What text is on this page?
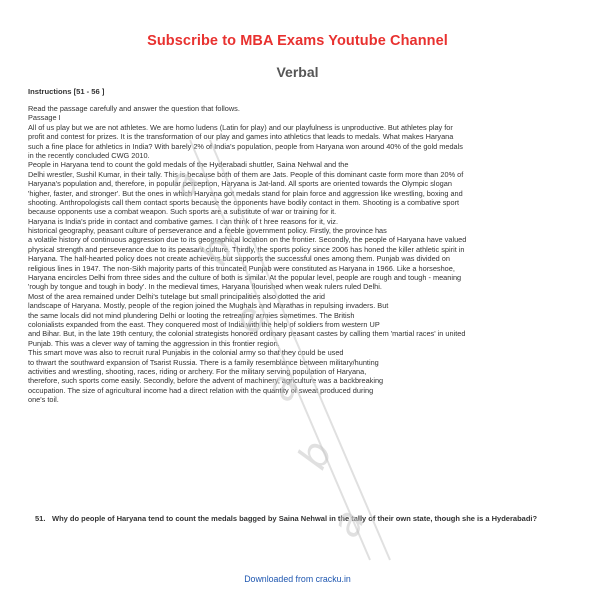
Subscribe to MBA Exams Youtube Channel
Verbal
Instructions [51 - 56 ]
Read the passage carefully and answer the question that follows.
Passage I
All of us play but we are not athletes. We are homo ludens (Latin for play) and our playfulness is unproductive. But athletes play for
profit and contest for prizes. It is the transformation of our play and games into athletics that leads to medals. What makes Haryana
such a fine place for athletics in India? With barely 2% of India's population, people from Haryana won around 40% of the gold medals
in the recently concluded CWG 2010.
People in Haryana tend to count the gold medals of the Hyderabadi shuttler, Saina Nehwal and the
Delhi wrestler, Sushil Kumar, in their tally. This is because both of them are Jats. People of this dominant caste form more than 20% of
Haryana's population and, therefore, in popular perception, Haryana is Jat-land. All sports are oriented towards the Olympic slogan
'higher, faster, and stronger'. But the ones in which Haryana got medals stand for plain force and aggression like wrestling, boxing and
shooting. Anthropologists call them contact sports because the opponents have bodily contact in them. Shooting is a combative sport
because opponents use a combat weapon. Such sports are a substitute of war or training for it.
Haryana is India's pride in contact and combative games. I can think of t hree reasons for it, viz.
historical geography, peasant culture of perseverance and a feeble government policy. Firstly, the province has
a volatile history of continuous aggression due to its geographical location on the frontier. Secondly, the people of Haryana have valued
physical strength and perseverance due to its peasant culture. Thirdly, the sports policy since 2006 has honed the killer athletic spirit in
Haryana. The half-hearted policy does not create achievers but supports the successful ones among them. Punjab was divided on
religious lines in 1947. The non-Sikh majority parts of this truncated Punjab were constituted as Haryana in 1966. Like a horseshoe,
Haryana encircles Delhi from three sides and the culture of both is similar. At the popular level, people are rough and tough - meaning
'rough by tongue and tough in body'. In the medieval times, Haryana flourished when weak rulers ruled Delhi.
Most of the area remained under Delhi's tutelage but small principalities also dotted the arid
landscape of Haryana. Mostly, people of the region joined the Mughals and Marathas in repulsing invaders. But
the same locals did not mind plundering Delhi or looting the retreating armies sometimes. The British
colonialists expanded from the east. They conquered most of India with the help of soldiers from western UP
and Bihar. But, in the late 19th century, the colonial strategists honored ordinary peasant castes by calling them 'martial races' in united
Punjab. This was a clever way of taming the aggression in this frontier region.
This smart move was also to recruit rural Punjabis in the colonial army so that they could be used
to thwart the southward expansion of Tsarist Russia. There is a family resemblance between military/hunting
activities and wrestling, shooting, races, riding or archery. For the military serving population of Haryana,
therefore, such sports come easily. Secondly, before the advent of machinery, agriculture was a backbreaking
occupation. The size of agricultural income had a direct relation with the quantity of sweat produced during
one's toil.
51. Why do people of Haryana tend to count the medals bagged by Saina Nehwal in the tally of their own state, though she is a Hyderabadi?
Downloaded from cracku.in
a
b
e
a
b
a
